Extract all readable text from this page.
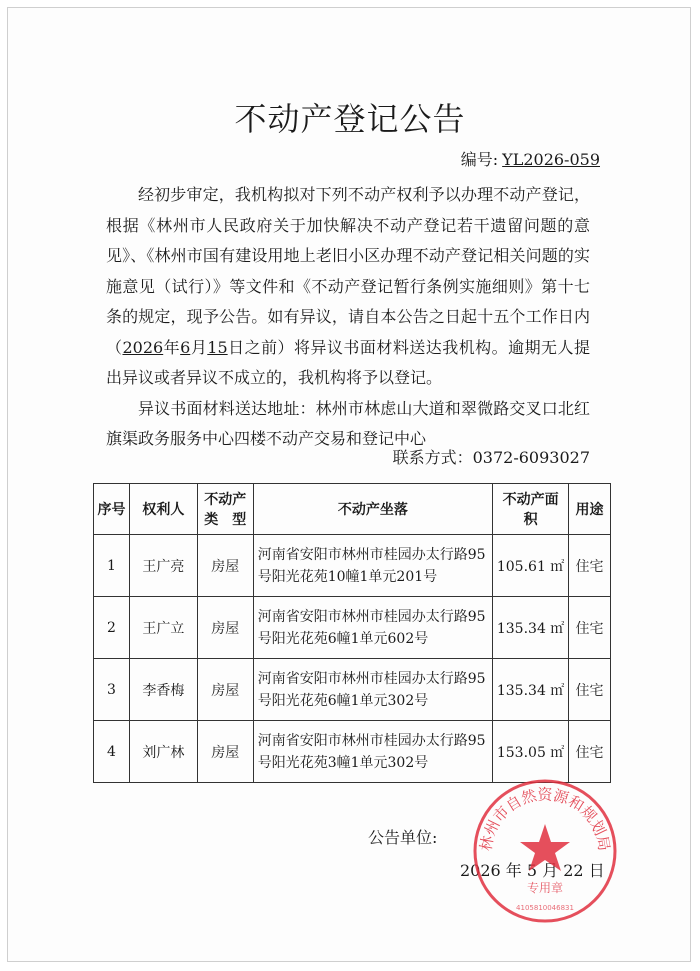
不动产登记公告
编号: YL2026-059

经初步审定，我机构拟对下列不动产权利予以办理不动产登记，根据《林州市人民政府关于加快解决不动产登记若干遗留问题的意见》、《林州市国有建设用地上老旧小区办理不动产登记相关问题的实施意见（试行）》等文件和《不动产登记暂行条例实施细则》第十七条的规定，现予公告。如有异议，请自本公告之日起十五个工作日内（2026年6月15日之前）将异议书面材料送达我机构。逾期无人提出异议或者异议不成立的，我机构将予以登记。

异议书面材料送达地址：林州市林虑山大道和翠微路交叉口北红旗渠政务服务中心四楼不动产交易和登记中心

联系方式：0372-6093027
序号	权利人	不动产类　型	不动产坐落	不动产面　积	用途
1	王广亮	房屋	河南省安阳市林州市桂园办太行路95号阳光花苑10幢1单元201号	105.61 ㎡	住宅
2	王广立	房屋	河南省安阳市林州市桂园办太行路95号阳光花苑6幢1单元602号	135.34 ㎡	住宅
3	李香梅	房屋	河南省安阳市林州市桂园办太行路95号阳光花苑6幢1单元302号	135.34 ㎡	住宅
4	刘广林	房屋	河南省安阳市林州市桂园办太行路95号阳光花苑3幢1单元302号	153.05 ㎡	住宅
公告单位:
2026 年 5 月 22 日
林州市自然资源和规划局
专用章
4105810046831
